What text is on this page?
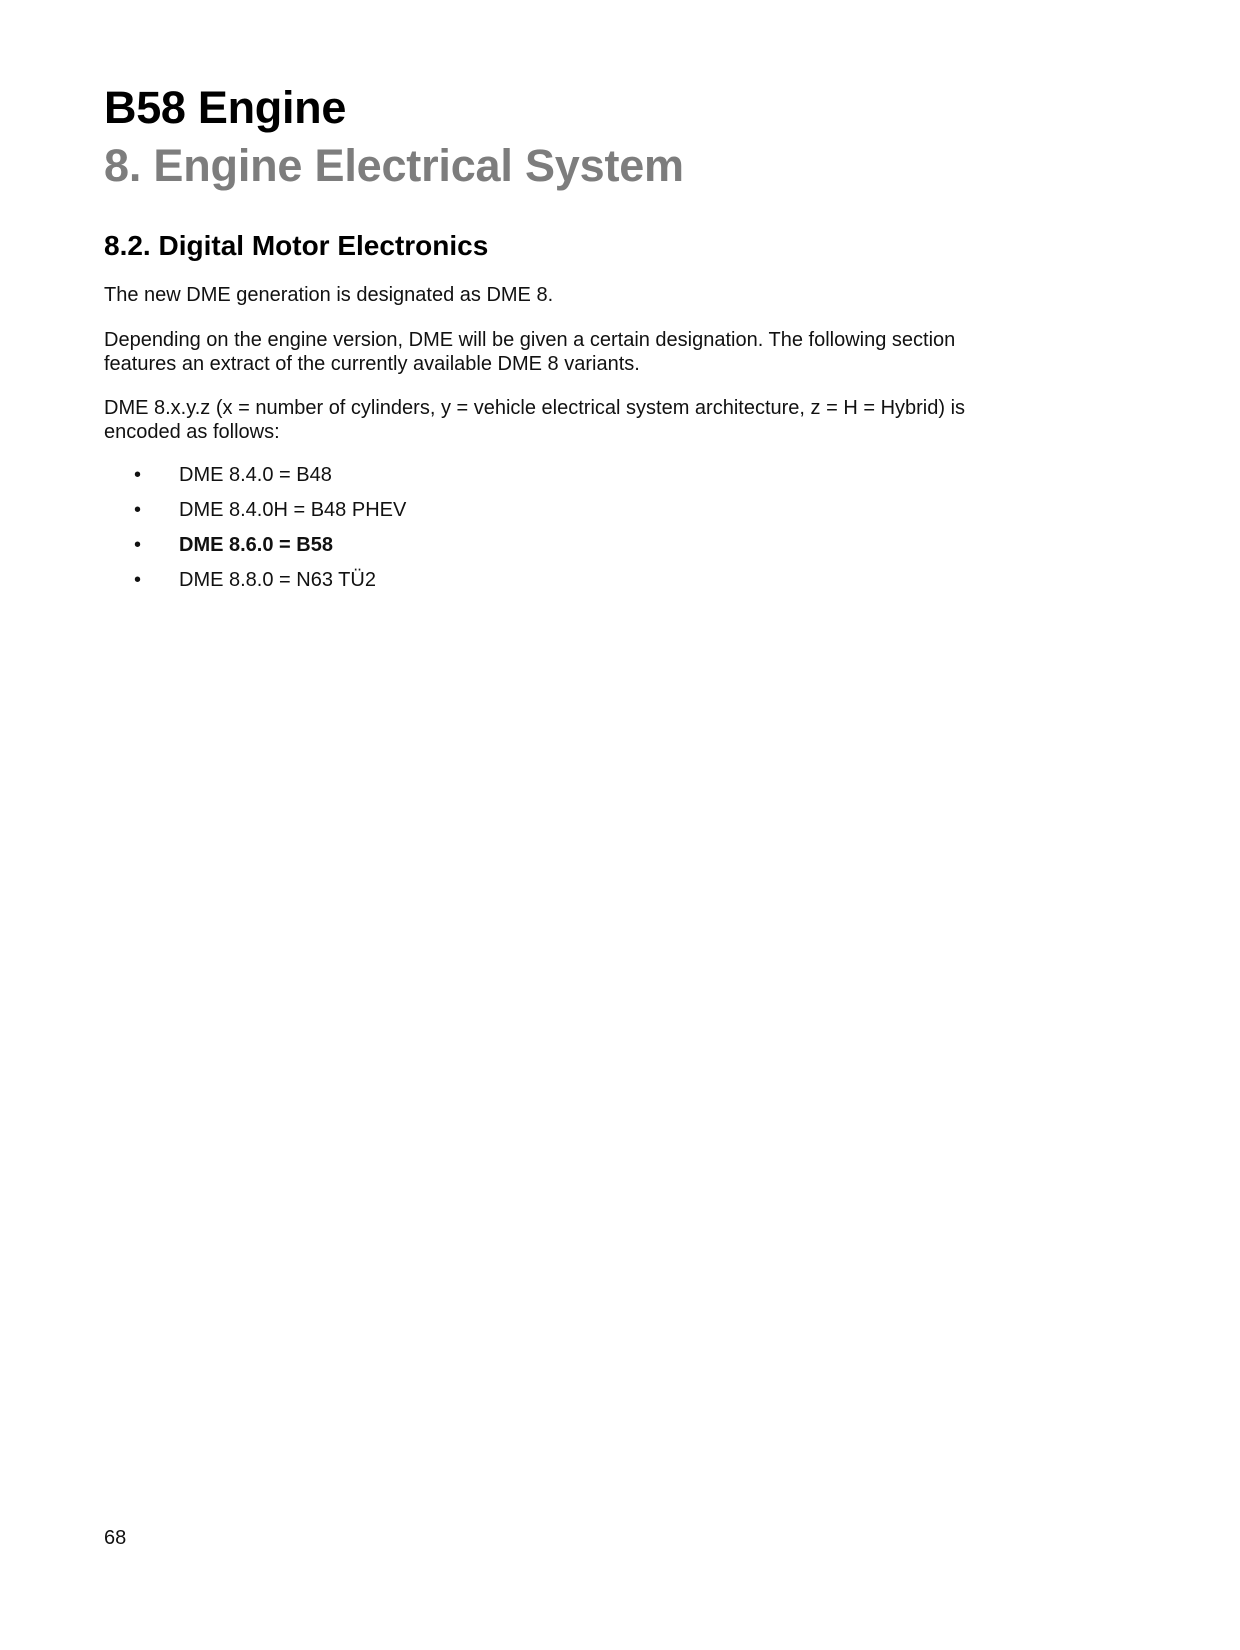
B58 Engine
8. Engine Electrical System
8.2. Digital Motor Electronics

The new DME generation is designated as DME 8.

Depending on the engine version, DME will be given a certain designation. The following section features an extract of the currently available DME 8 variants.

DME 8.x.y.z (x = number of cylinders, y = vehicle electrical system architecture, z = H = Hybrid) is encoded as follows:

• DME 8.4.0 = B48
• DME 8.4.0H = B48 PHEV
• DME 8.6.0 = B58
• DME 8.8.0 = N63 TÜ2
68
